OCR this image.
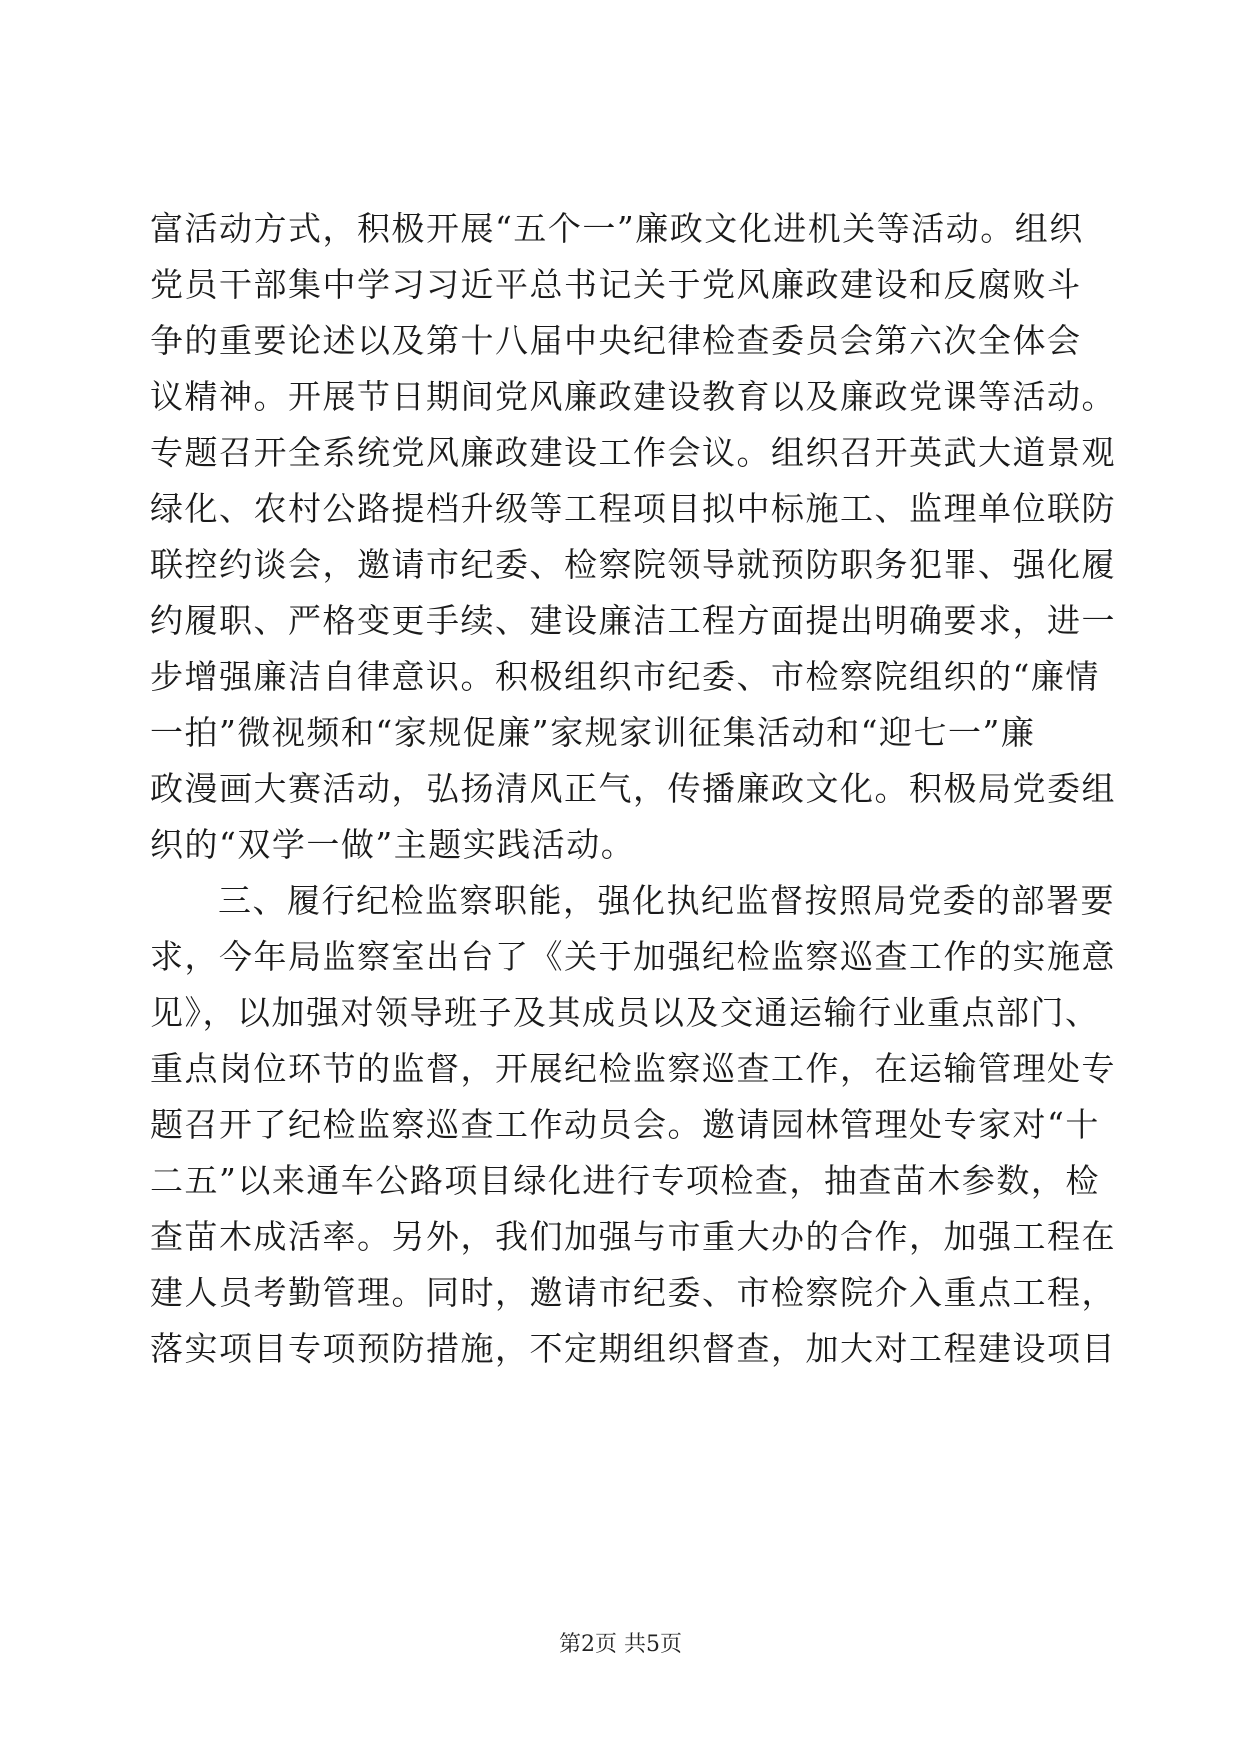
富活动方式，积极开展“五个一”廉政文化进机关等活动。组织
党员干部集中学习习近平总书记关于党风廉政建设和反腐败斗
争的重要论述以及第十八届中央纪律检查委员会第六次全体会
议精神。开展节日期间党风廉政建设教育以及廉政党课等活动。
专题召开全系统党风廉政建设工作会议。组织召开英武大道景观
绿化、农村公路提档升级等工程项目拟中标施工、监理单位联防
联控约谈会，邀请市纪委、检察院领导就预防职务犯罪、强化履
约履职、严格变更手续、建设廉洁工程方面提出明确要求，进一
步增强廉洁自律意识。积极组织市纪委、市检察院组织的“廉情
一拍”微视频和“家规促廉”家规家训征集活动和“迎七一”廉
政漫画大赛活动，弘扬清风正气，传播廉政文化。积极局党委组
织的“双学一做”主题实践活动。
三、履行纪检监察职能，强化执纪监督按照局党委的部署要
求，今年局监察室出台了《关于加强纪检监察巡查工作的实施意
见》，以加强对领导班子及其成员以及交通运输行业重点部门、
重点岗位环节的监督，开展纪检监察巡查工作，在运输管理处专
题召开了纪检监察巡查工作动员会。邀请园林管理处专家对“十
二五”以来通车公路项目绿化进行专项检查，抽查苗木参数，检
查苗木成活率。另外，我们加强与市重大办的合作，加强工程在
建人员考勤管理。同时，邀请市纪委、市检察院介入重点工程，
落实项目专项预防措施，不定期组织督查，加大对工程建设项目
第2页 共5页
